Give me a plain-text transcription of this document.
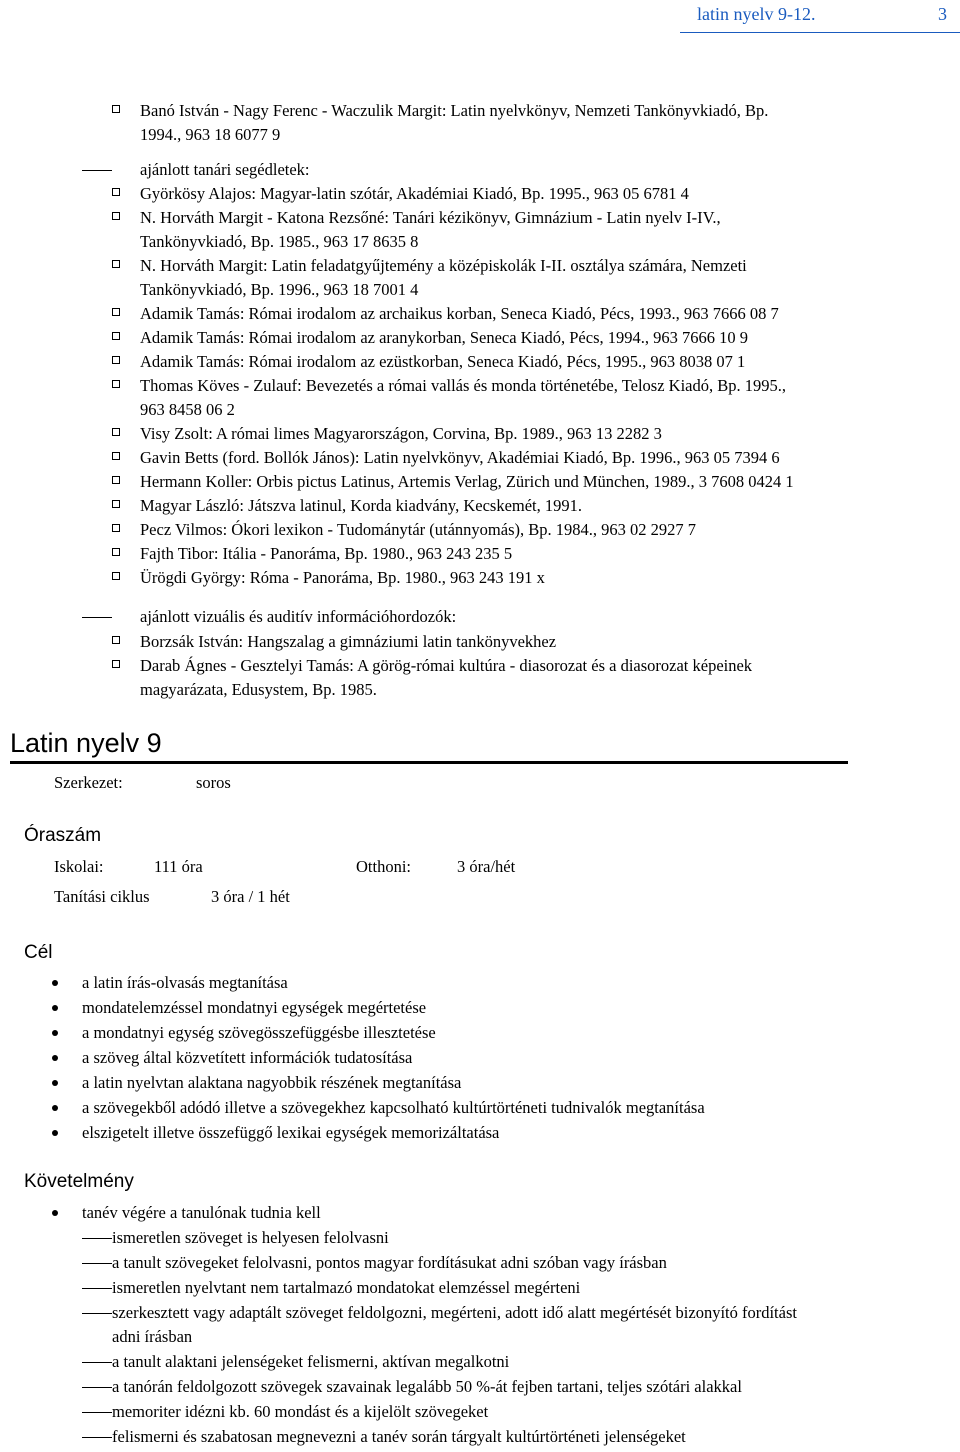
latin nyelv 9-12.	3
Banó István - Nagy Ferenc - Waczulik Margit: Latin nyelvkönyv, Nemzeti Tankönyvkiadó, Bp.
1994., 963 18 6077 9
ajánlott tanári segédletek:
Györkösy Alajos: Magyar-latin szótár, Akadémiai Kiadó, Bp. 1995., 963 05 6781 4
N. Horváth Margit - Katona Rezsőné: Tanári kézikönyv, Gimnázium - Latin nyelv I-IV.,
Tankönyvkiadó, Bp. 1985., 963 17 8635 8
N. Horváth Margit: Latin feladatgyűjtemény a középiskolák I-II. osztálya számára, Nemzeti
Tankönyvkiadó, Bp. 1996., 963 18 7001 4
Adamik Tamás: Római irodalom az archaikus korban, Seneca Kiadó, Pécs, 1993., 963 7666 08 7
Adamik Tamás: Római irodalom az aranykorban, Seneca Kiadó, Pécs, 1994., 963 7666 10 9
Adamik Tamás: Római irodalom az ezüstkorban, Seneca Kiadó, Pécs, 1995., 963 8038 07 1
Thomas Köves - Zulauf: Bevezetés a római vallás és monda történetébe, Telosz Kiadó, Bp. 1995.,
963 8458 06 2
Visy Zsolt: A római limes Magyarországon, Corvina, Bp. 1989., 963 13 2282 3
Gavin Betts (ford. Bollók János): Latin nyelvkönyv, Akadémiai Kiadó, Bp. 1996., 963 05 7394 6
Hermann Koller: Orbis pictus Latinus, Artemis Verlag, Zürich und München, 1989., 3 7608 0424 1
Magyar László: Játszva latinul, Korda kiadvány, Kecskemét, 1991.
Pecz Vilmos: Ókori lexikon - Tudománytár (utánnyomás), Bp. 1984., 963 02 2927 7
Fajth Tibor: Itália - Panoráma, Bp. 1980., 963 243 235 5
Ürögdi György: Róma - Panoráma, Bp. 1980., 963 243 191 x
ajánlott vizuális és auditív információhordozók:
Borzsák István: Hangszalag a gimnáziumi latin tankönyvekhez
Darab Ágnes - Gesztelyi Tamás: A görög-római kultúra - diasorozat és a diasorozat képeinek
magyarázata, Edusystem, Bp. 1985.
Latin nyelv 9
Szerkezet:	soros
Óraszám
Iskolai:	111 óra	Otthoni:	3 óra/hét
Tanítási ciklus	3 óra / 1 hét
Cél
a latin írás-olvasás megtanítása
mondatelemzéssel mondatnyi egységek megértetése
a mondatnyi egység szövegösszefüggésbe illesztetése
a szöveg által közvetített információk tudatosítása
a latin nyelvtan alaktana nagyobbik részének megtanítása
a szövegekből adódó illetve a szövegekhez kapcsolható kultúrtörténeti tudnivalók megtanítása
elszigetelt illetve összefüggő lexikai egységek memorizáltatása
Követelmény
tanév végére a tanulónak tudnia kell
ismeretlen szöveget is helyesen felolvasni
a tanult szövegeket felolvasni, pontos magyar fordításukat adni szóban vagy írásban
ismeretlen nyelvtant nem tartalmazó mondatokat elemzéssel megérteni
szerkesztett vagy adaptált szöveget feldolgozni, megérteni, adott idő alatt megértését bizonyító fordítást
adni írásban
a tanult alaktani jelenségeket felismerni, aktívan megalkotni
a tanórán feldolgozott szövegek szavainak legalább 50 %-át fejben tartani, teljes szótári alakkal
memoriter idézni kb. 60 mondást és a kijelölt szövegeket
felismerni és szabatosan megnevezni a tanév során tárgyalt kultúrtörténeti jelenségeket
